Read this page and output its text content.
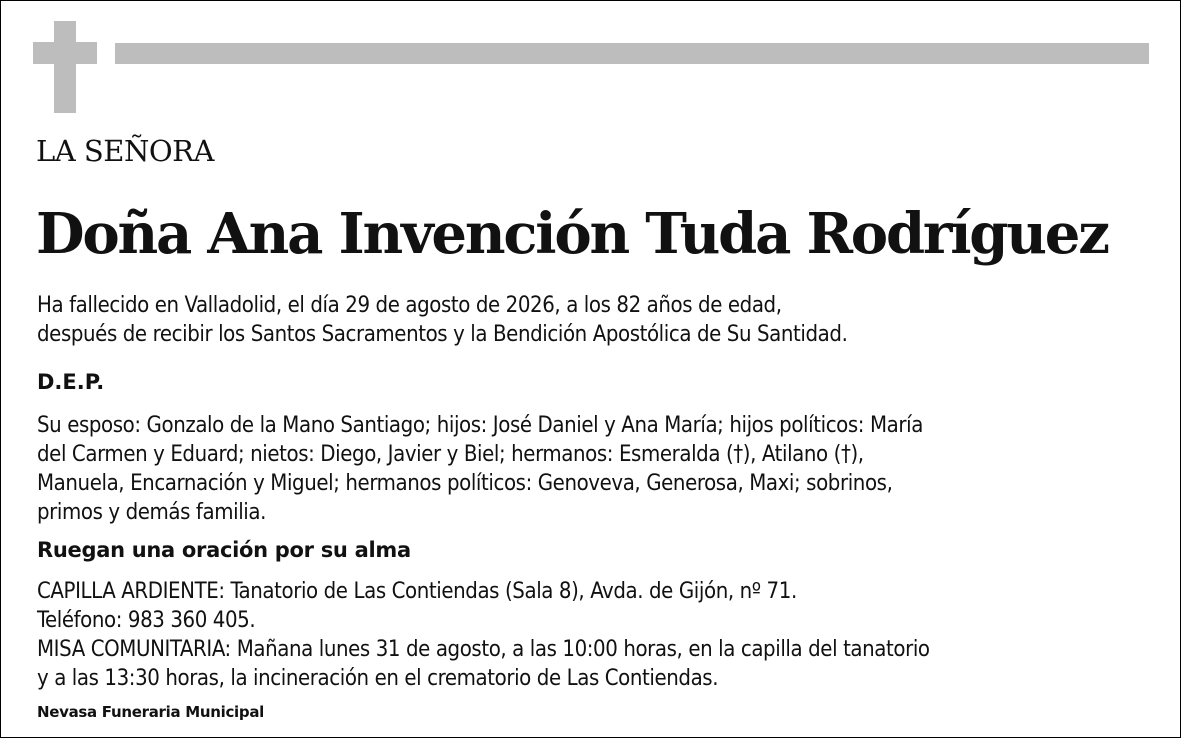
LA SEÑORA
Doña Ana Invención Tuda Rodríguez
Ha fallecido en Valladolid, el día 29 de agosto de 2026, a los 82 años de edad,
después de recibir los Santos Sacramentos y la Bendición Apostólica de Su Santidad.
D.E.P.
Su esposo: Gonzalo de la Mano Santiago; hijos: José Daniel y Ana María; hijos políticos: María
del Carmen y Eduard; nietos: Diego, Javier y Biel; hermanos: Esmeralda (†), Atilano (†),
Manuela, Encarnación y Miguel; hermanos políticos: Genoveva, Generosa, Maxi; sobrinos,
primos y demás familia.
Ruegan una oración por su alma
CAPILLA ARDIENTE: Tanatorio de Las Contiendas (Sala 8), Avda. de Gijón, nº 71.
Teléfono: 983 360 405.
MISA COMUNITARIA: Mañana lunes 31 de agosto, a las 10:00 horas, en la capilla del tanatorio
y a las 13:30 horas, la incineración en el crematorio de Las Contiendas.
Nevasa Funeraria Municipal
